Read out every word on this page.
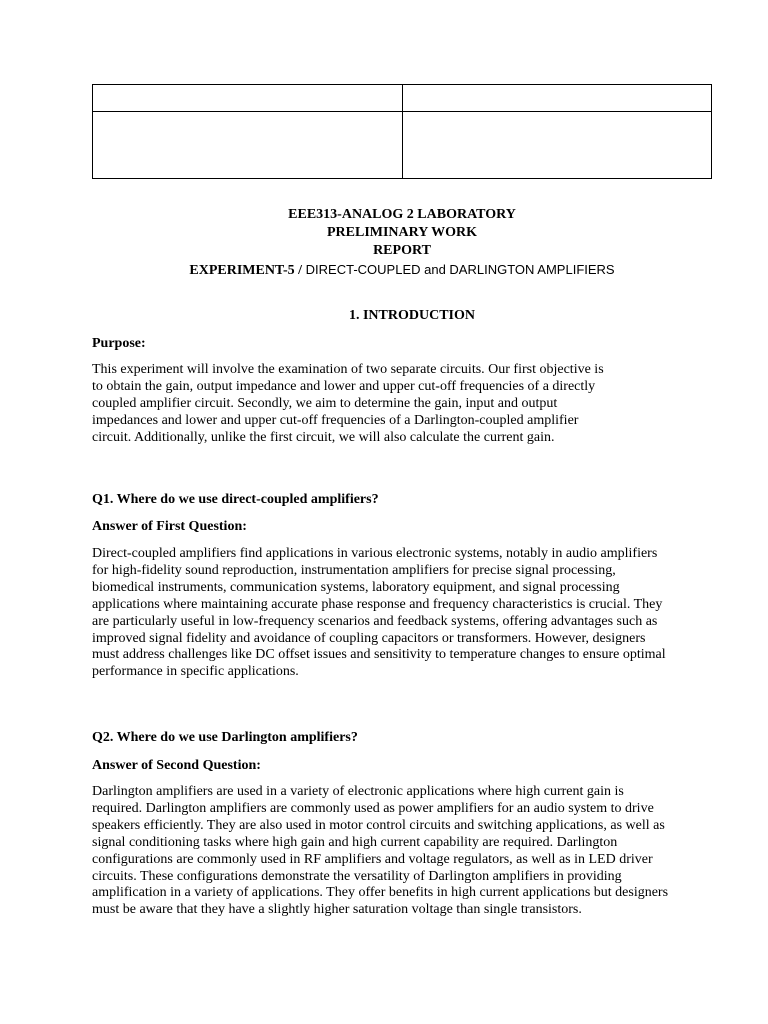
EEE313-ANALOG 2 LABORATORY
PRELIMINARY WORK
REPORT
EXPERIMENT-5 / DIRECT-COUPLED and DARLINGTON AMPLIFIERS
1. INTRODUCTION
Purpose:

This experiment will involve the examination of two separate circuits. Our first objective is
to obtain the gain, output impedance and lower and upper cut-off frequencies of a directly
coupled amplifier circuit. Secondly, we aim to determine the gain, input and output
impedances and lower and upper cut-off frequencies of a Darlington-coupled amplifier
circuit. Additionally, unlike the first circuit, we will also calculate the current gain.

Q1. Where do we use direct-coupled amplifiers?
Answer of First Question:

Direct-coupled amplifiers find applications in various electronic systems, notably in audio amplifiers
for high-fidelity sound reproduction, instrumentation amplifiers for precise signal processing,
biomedical instruments, communication systems, laboratory equipment, and signal processing
applications where maintaining accurate phase response and frequency characteristics is crucial. They
are particularly useful in low-frequency scenarios and feedback systems, offering advantages such as
improved signal fidelity and avoidance of coupling capacitors or transformers. However, designers
must address challenges like DC offset issues and sensitivity to temperature changes to ensure optimal
performance in specific applications.

Q2. Where do we use Darlington amplifiers?
Answer of Second Question:

Darlington amplifiers are used in a variety of electronic applications where high current gain is
required. Darlington amplifiers are commonly used as power amplifiers for an audio system to drive
speakers efficiently. They are also used in motor control circuits and switching applications, as well as
signal conditioning tasks where high gain and high current capability are required. Darlington
configurations are commonly used in RF amplifiers and voltage regulators, as well as in LED driver
circuits. These configurations demonstrate the versatility of Darlington amplifiers in providing
amplification in a variety of applications. They offer benefits in high current applications but designers
must be aware that they have a slightly higher saturation voltage than single transistors.
